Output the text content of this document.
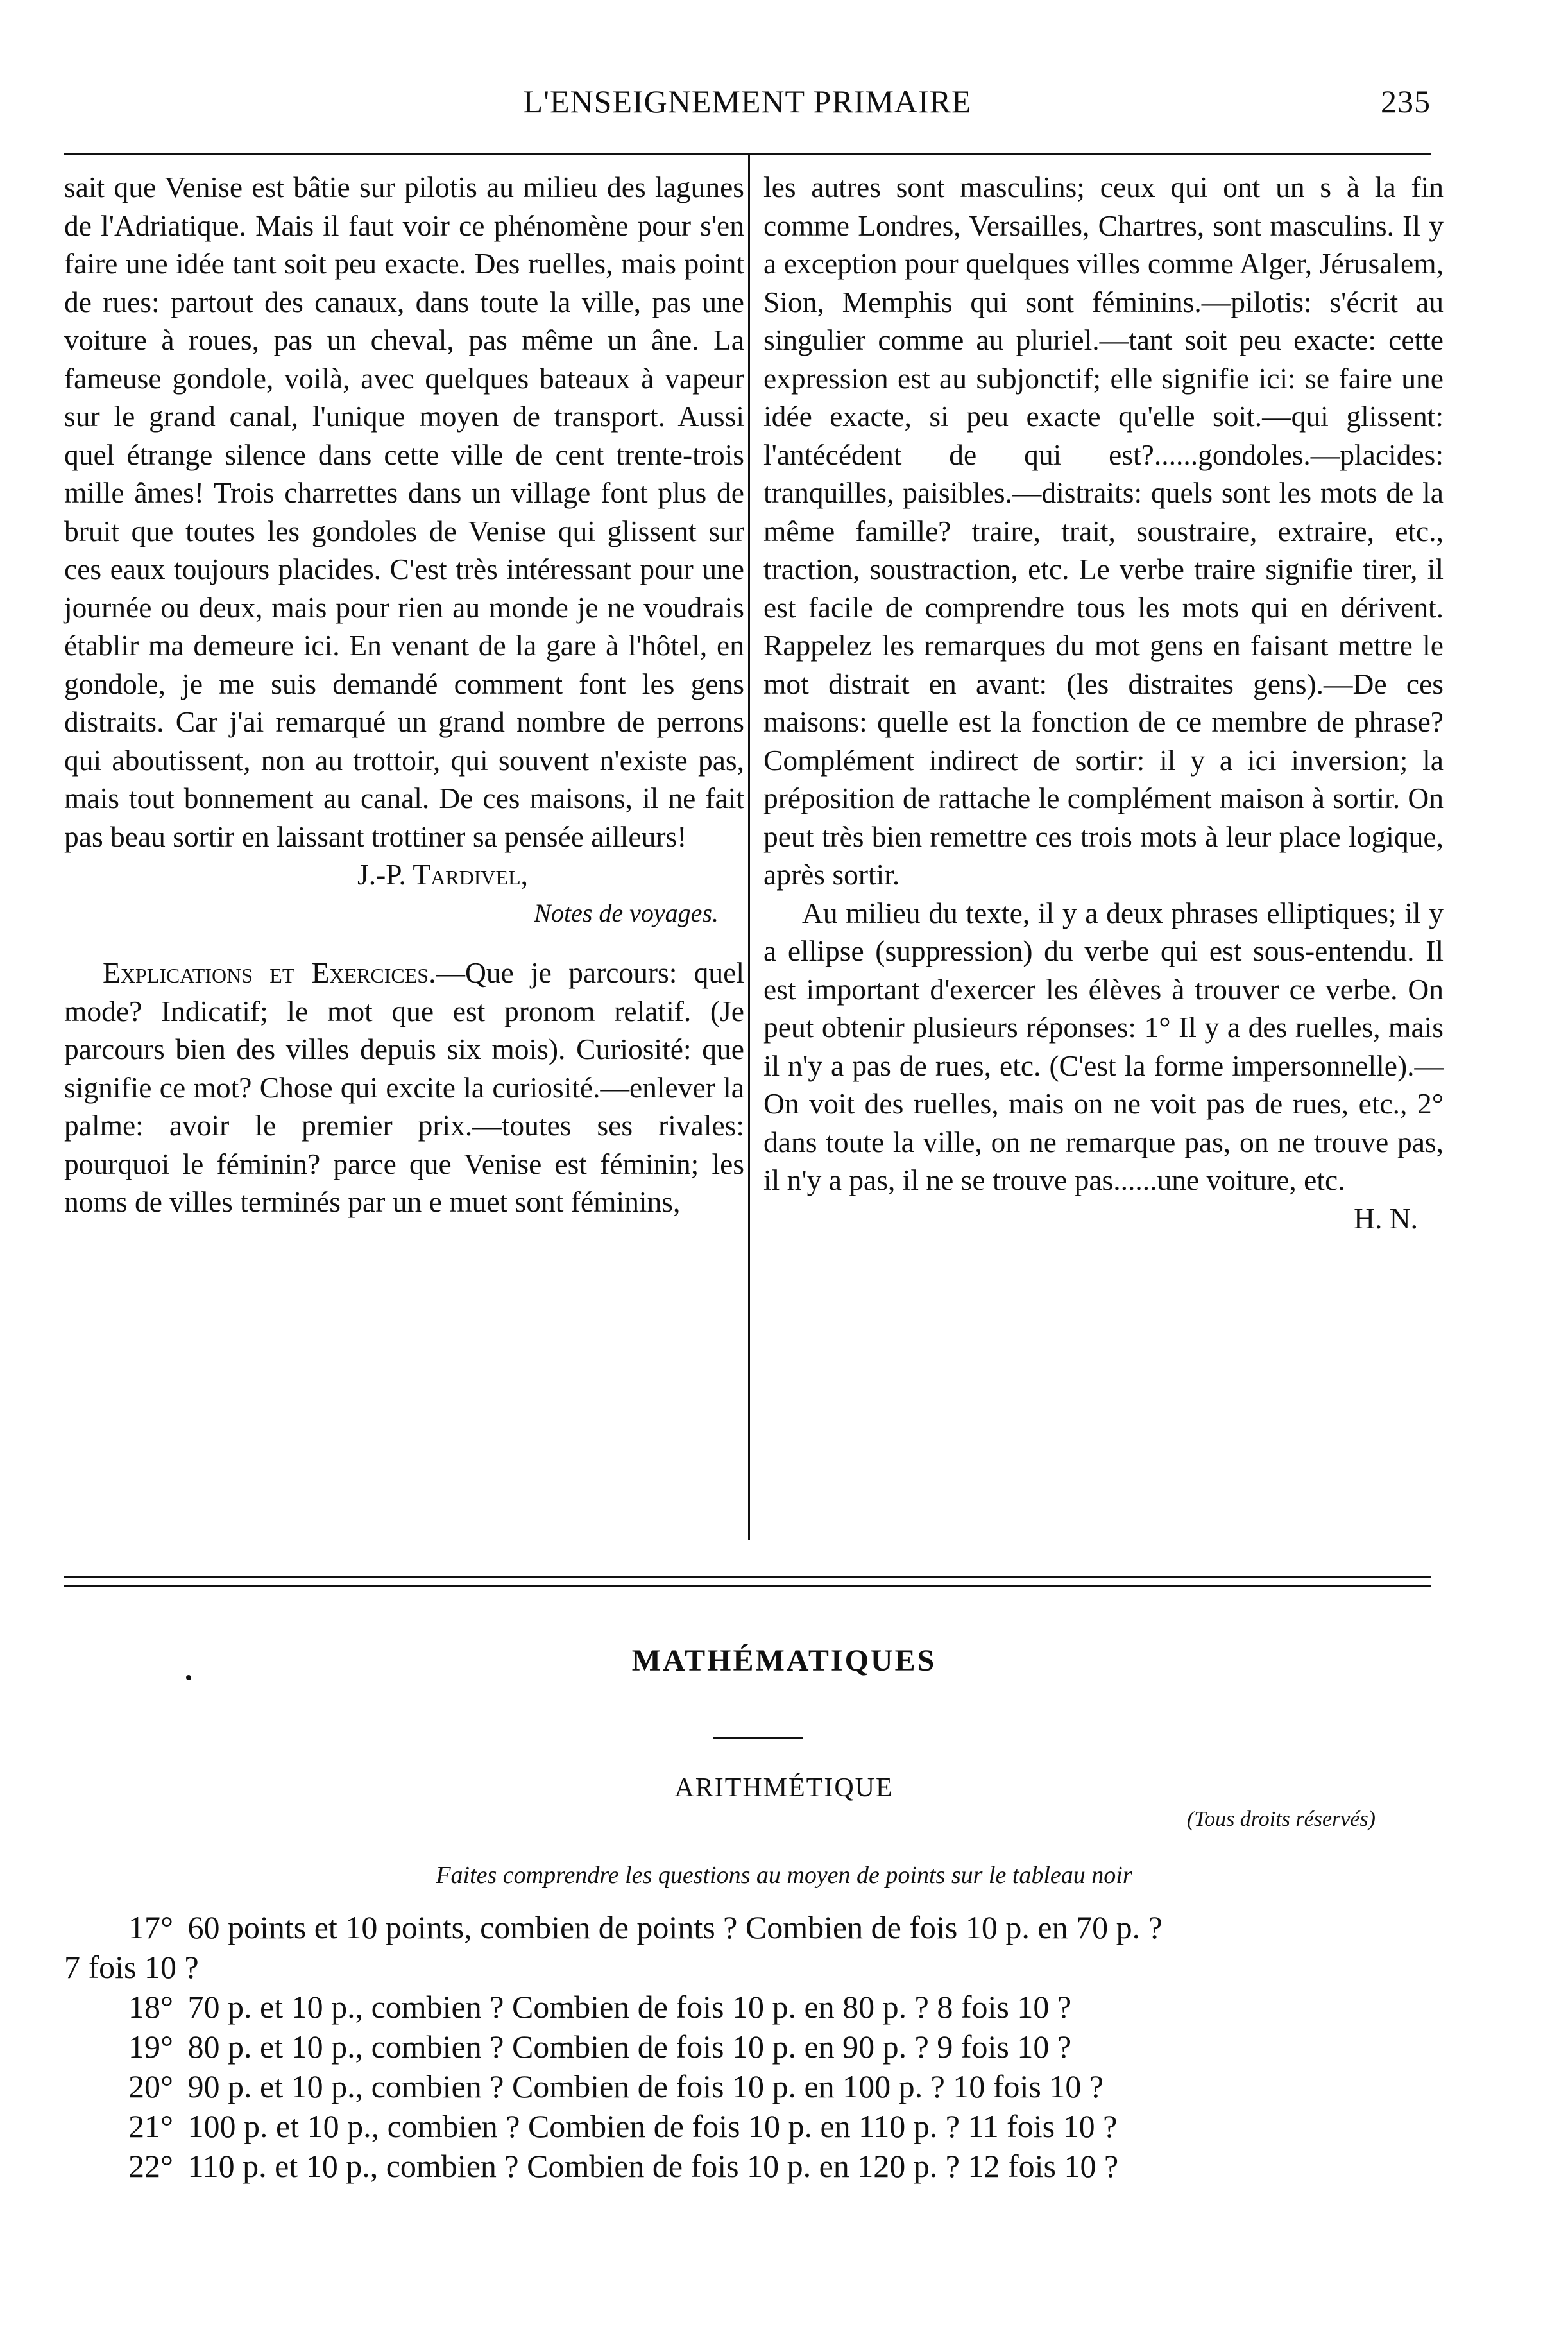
L'ENSEIGNEMENT PRIMAIRE	235

sait que Venise est bâtie sur pilotis au milieu des lagunes de l'Adriatique. Mais il faut voir ce phénomène pour s'en faire une idée tant soit peu exacte. Des ruelles, mais point de rues: partout des canaux, dans toute la ville, pas une voiture à roues, pas un cheval, pas même un âne. La fameuse gondole, voilà, avec quelques bateaux à vapeur sur le grand canal, l'unique moyen de transport. Aussi quel étrange silence dans cette ville de cent trente-trois mille âmes! Trois charrettes dans un village font plus de bruit que toutes les gondoles de Venise qui glissent sur ces eaux toujours placides. C'est très intéressant pour une journée ou deux, mais pour rien au monde je ne voudrais établir ma demeure ici. En venant de la gare à l'hôtel, en gondole, je me suis demandé comment font les gens distraits. Car j'ai remarqué un grand nombre de perrons qui aboutissent, non au trottoir, qui souvent n'existe pas, mais tout bonnement au canal. De ces maisons, il ne fait pas beau sortir en laissant trottiner sa pensée ailleurs!

J.-P. Tardivel,

Notes de voyages.

Explications et Exercices.—Que je parcours: quel mode? Indicatif; le mot que est pronom relatif. (Je parcours bien des villes depuis six mois). Curiosité: que signifie ce mot? Chose qui excite la curiosité.—enlever la palme: avoir le premier prix.—toutes ses rivales: pourquoi le féminin? parce que Venise est féminin; les noms de villes terminés par un e muet sont féminins,

les autres sont masculins; ceux qui ont un s à la fin comme Londres, Versailles, Chartres, sont masculins. Il y a exception pour quelques villes comme Alger, Jérusalem, Sion, Memphis qui sont féminins.—pilotis: s'écrit au singulier comme au pluriel.—tant soit peu exacte: cette expression est au subjonctif; elle signifie ici: se faire une idée exacte, si peu exacte qu'elle soit.—qui glissent: l'antécédent de qui est?......gondoles.—placides: tranquilles, paisibles.—distraits: quels sont les mots de la même famille? traire, trait, soustraire, extraire, etc., traction, soustraction, etc. Le verbe traire signifie tirer, il est facile de comprendre tous les mots qui en dérivent. Rappelez les remarques du mot gens en faisant mettre le mot distrait en avant: (les distraites gens).—De ces maisons: quelle est la fonction de ce membre de phrase? Complément indirect de sortir: il y a ici inversion; la préposition de rattache le complément maison à sortir. On peut très bien remettre ces trois mots à leur place logique, après sortir.

Au milieu du texte, il y a deux phrases elliptiques; il y a ellipse (suppression) du verbe qui est sous-entendu. Il est important d'exercer les élèves à trouver ce verbe. On peut obtenir plusieurs réponses: 1° Il y a des ruelles, mais il n'y a pas de rues, etc. (C'est la forme impersonnelle).—On voit des ruelles, mais on ne voit pas de rues, etc., 2° dans toute la ville, on ne remarque pas, on ne trouve pas, il n'y a pas, il ne se trouve pas......une voiture, etc.

H. N.

MATHÉMATIQUES
ARITHMÉTIQUE
(Tous droits réservés)
Faites comprendre les questions au moyen de points sur le tableau noir
17° 60 points et 10 points, combien de points ? Combien de fois 10 p. en 70 p. ?
7 fois 10 ?
18° 70 p. et 10 p., combien ? Combien de fois 10 p. en 80 p. ? 8 fois 10 ?
19° 80 p. et 10 p., combien ? Combien de fois 10 p. en 90 p. ? 9 fois 10 ?
20° 90 p. et 10 p., combien ? Combien de fois 10 p. en 100 p. ? 10 fois 10 ?
21° 100 p. et 10 p., combien ? Combien de fois 10 p. en 110 p. ? 11 fois 10 ?
22° 110 p. et 10 p., combien ? Combien de fois 10 p. en 120 p. ? 12 fois 10 ?
